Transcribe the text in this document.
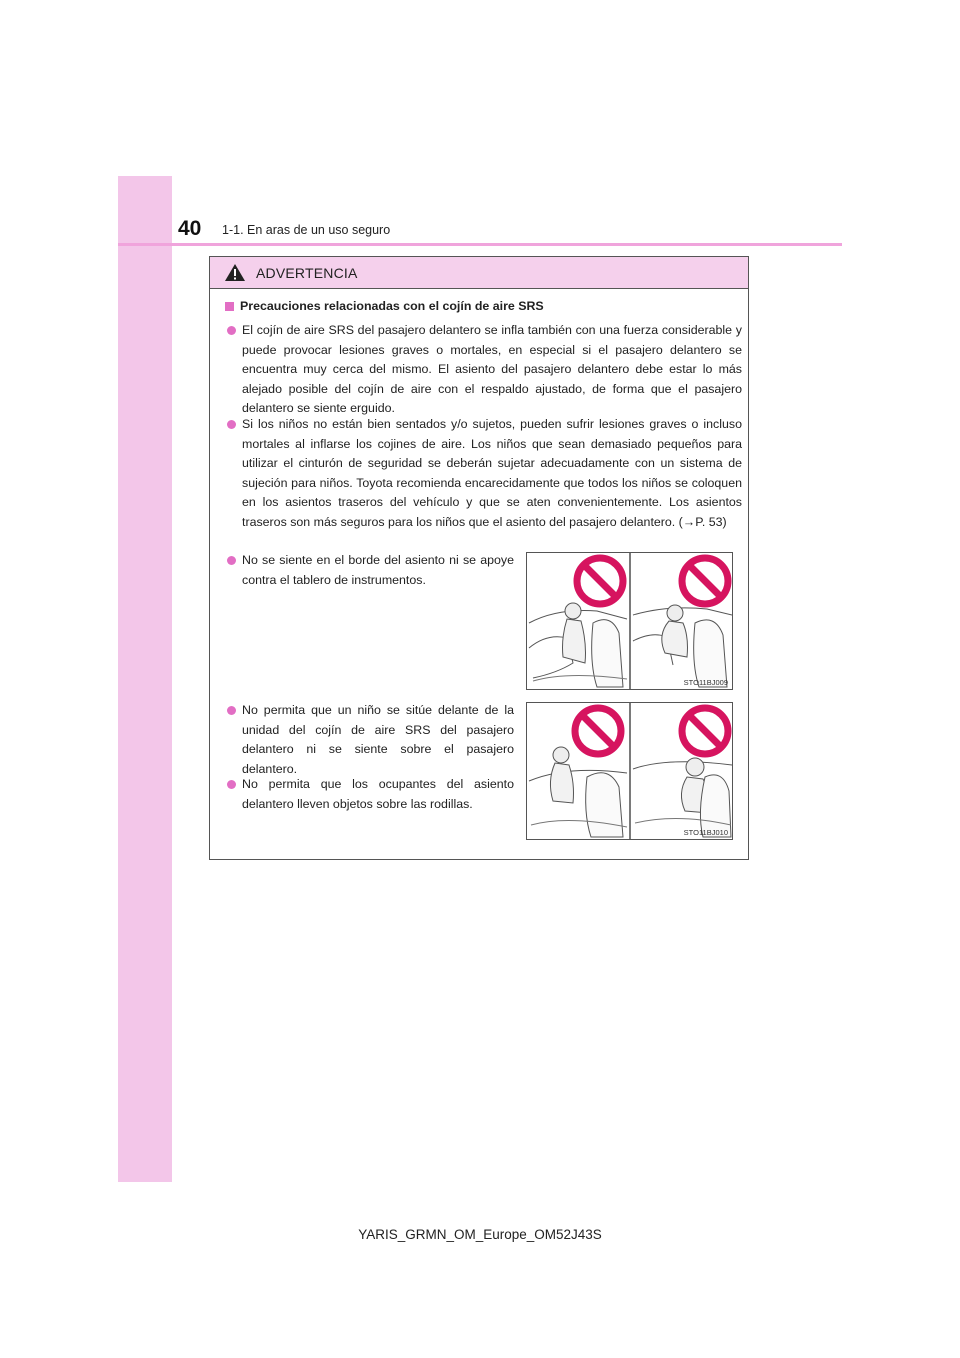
40 1-1. En aras de un uso seguro
ADVERTENCIA
Precauciones relacionadas con el cojín de aire SRS
El cojín de aire SRS del pasajero delantero se infla también con una fuerza considerable y puede provocar lesiones graves o mortales, en especial si el pasajero delantero se encuentra muy cerca del mismo. El asiento del pasajero delantero debe estar lo más alejado posible del cojín de aire con el respaldo ajustado, de forma que el pasajero delantero se siente erguido.
Si los niños no están bien sentados y/o sujetos, pueden sufrir lesiones graves o incluso mortales al inflarse los cojines de aire. Los niños que sean demasiado pequeños para utilizar el cinturón de seguridad se deberán sujetar adecuadamente con un sistema de sujeción para niños. Toyota recomienda encarecidamente que todos los niños se coloquen en los asientos traseros del vehículo y que se aten convenientemente. Los asientos traseros son más seguros para los niños que el asiento del pasajero delantero. (→P. 53)
No se siente en el borde del asiento ni se apoye contra el tablero de instrumentos.
No permita que un niño se sitúe delante de la unidad del cojín de aire SRS del pasajero delantero ni se siente sobre el pasajero delantero.
No permita que los ocupantes del asiento delantero lleven objetos sobre las rodillas.
STO11BJ009
STO11BJ010
YARIS_GRMN_OM_Europe_OM52J43S
